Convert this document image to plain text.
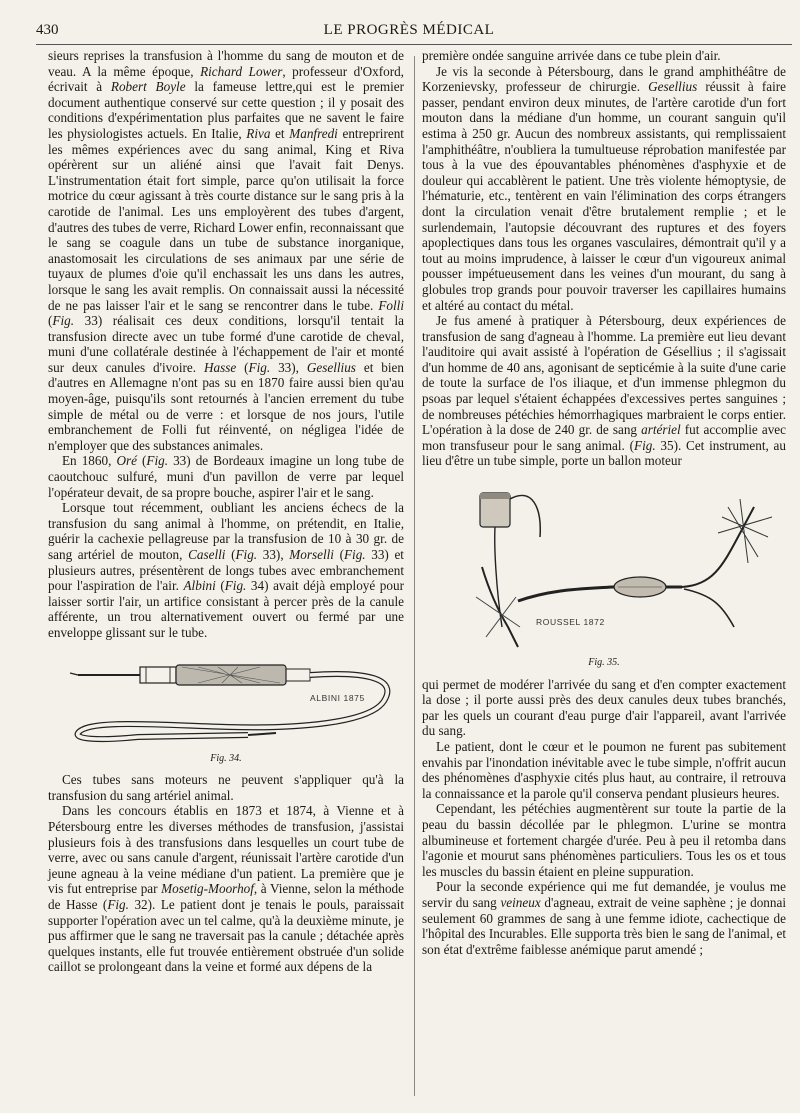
430	LE PROGRÈS MÉDICAL

sieurs reprises la transfusion à l'homme du sang de mouton et de veau. A la même époque, Richard Lower, professeur d'Oxford, écrivait à Robert Boyle la fameuse lettre,qui est le premier document authentique conservé sur cette question ; il y posait des conditions d'expérimentation plus parfaites que ne savent le faire les physiologistes actuels. En Italie, Riva et Manfredi entreprirent les mêmes expériences avec du sang animal, King et Riva opérèrent sur un aliéné ainsi que l'avait fait Denys. L'instrumentation était fort simple, parce qu'on utilisait la force motrice du cœur agissant à très courte distance sur le sang pris à la carotide de l'animal. Les uns employèrent des tubes d'argent, d'autres des tubes de verre, Richard Lower enfin, reconnaissant que le sang se coagule dans un tube de substance inorganique, anastomosait les circulations de ses animaux par une série de tuyaux de plumes d'oie qu'il enchassait les uns dans les autres, lorsque le sang les avait remplis. On connaissait aussi la nécessité de ne pas laisser l'air et le sang se rencontrer dans le tube. Folli (Fig. 33) réalisait ces deux conditions, lorsqu'il tentait la transfusion directe avec un tube formé d'une carotide de cheval, muni d'une collatérale destinée à l'échappement de l'air et monté sur deux canules d'ivoire. Hasse (Fig. 33), Gesellius et bien d'autres en Allemagne n'ont pas su en 1870 faire aussi bien qu'au moyen-âge, puisqu'ils sont retournés à l'ancien errement du tube simple de métal ou de verre : et lorsque de nos jours, l'utile embranchement de Folli fut réinventé, on négligea l'idée de n'employer que des substances animales.

En 1860, Oré (Fig. 33) de Bordeaux imagine un long tube de caoutchouc sulfuré, muni d'un pavillon de verre par lequel l'opérateur devait, de sa propre bouche, aspirer l'air et le sang.

Lorsque tout récemment, oubliant les anciens échecs de la transfusion du sang animal à l'homme, on prétendit, en Italie, guérir la cachexie pellagreuse par la transfusion de 10 à 30 gr. de sang artériel de mouton, Caselli (Fig. 33), Morselli (Fig. 33) et plusieurs autres, présentèrent de longs tubes avec embranchement pour l'aspiration de l'air. Albini (Fig. 34) avait déjà employé pour laisser sortir l'air, un artifice consistant à percer près de la canule afférente, un trou alternativement ouvert ou fermé par une enveloppe glissant sur le tube.

ALBINI 1875
Fig. 34.

Ces tubes sans moteurs ne peuvent s'appliquer qu'à la transfusion du sang artériel animal.

Dans les concours établis en 1873 et 1874, à Vienne et à Pétersbourg entre les diverses méthodes de transfusion, j'assistai plusieurs fois à des transfusions dans lesquelles un court tube de verre, avec ou sans canule d'argent, réunissait l'artère carotide d'un jeune agneau à la veine médiane d'un patient. La première que je vis fut entreprise par Mosetig-Moorhof, à Vienne, selon la méthode de Hasse (Fig. 32). Le patient dont je tenais le pouls, paraissait supporter l'opération avec un tel calme, qu'à la deuxième minute, je pus affirmer que le sang ne traversait pas la canule ; détachée après quelques instants, elle fut trouvée entièrement obstruée d'un solide caillot se prolongeant dans la veine et formé aux dépens de la

première ondée sanguine arrivée dans ce tube plein d'air.

Je vis la seconde à Pétersbourg, dans le grand amphithéâtre de Korzenievsky, professeur de chirurgie. Gesellius réussit à faire passer, pendant environ deux minutes, de l'artère carotide d'un fort mouton dans la médiane d'un homme, un courant sanguin qu'il estima à 250 gr. Aucun des nombreux assistants, qui remplissaient l'amphithéâtre, n'oubliera la tumultueuse réprobation manifestée par tous à la vue des épouvantables phénomènes d'asphyxie et de douleur qui accablèrent le patient. Une très violente hémoptysie, de l'hématurie, etc., tentèrent en vain l'élimination des corps étrangers dont la circulation venait d'être brutalement remplie ; et le surlendemain, l'autopsie découvrant des ruptures et des foyers apoplectiques dans tous les organes vasculaires, démontrait qu'il y a tout au moins imprudence, à laisser le cœur d'un vigoureux animal pousser impétueusement dans les veines d'un mourant, du sang à globules trop grands pour pouvoir traverser les capillaires humains et altéré au contact du métal.

Je fus amené à pratiquer à Pétersbourg, deux expériences de transfusion de sang d'agneau à l'homme. La première eut lieu devant l'auditoire qui avait assisté à l'opération de Gésellius ; il s'agissait d'un homme de 40 ans, agonisant de septicémie à la suite d'une carie de toute la surface de l'os iliaque, et d'un immense phlegmon du psoas par lequel s'étaient échappées d'excessives pertes sanguines ; de nombreuses pétéchies hémorrhagiques marbraient le corps entier. L'opération à la dose de 240 gr. de sang artériel fut accomplie avec mon transfuseur pour le sang animal. (Fig. 35). Cet instrument, au lieu d'être un tube simple, porte un ballon moteur

ROUSSEL 1872
Fig. 35.

qui permet de modérer l'arrivée du sang et d'en compter exactement la dose ; il porte aussi près des deux canules deux tubes branchés, par les quels un courant d'eau purge d'air l'appareil, avant l'arrivée du sang.

Le patient, dont le cœur et le poumon ne furent pas subitement envahis par l'inondation inévitable avec le tube simple, n'offrit aucun des phénomènes d'asphyxie cités plus haut, au contraire, il retrouva la connaissance et la parole qu'il conserva pendant plusieurs heures.

Cependant, les pétéchies augmentèrent sur toute la partie de la peau du bassin décollée par le phlegmon. L'urine se montra albumineuse et fortement chargée d'urée. Peu à peu il retomba dans l'agonie et mourut sans phénomènes particuliers. Tous les os et tous les muscles du bassin étaient en pleine suppuration.

Pour la seconde expérience qui me fut demandée, je voulus me servir du sang veineux d'agneau, extrait de veine saphène ; je donnai seulement 60 grammes de sang à une femme idiote, cachectique de l'hôpital des Incurables. Elle supporta très bien le sang de l'animal, et son état d'extrême faiblesse anémique parut amendé ;
